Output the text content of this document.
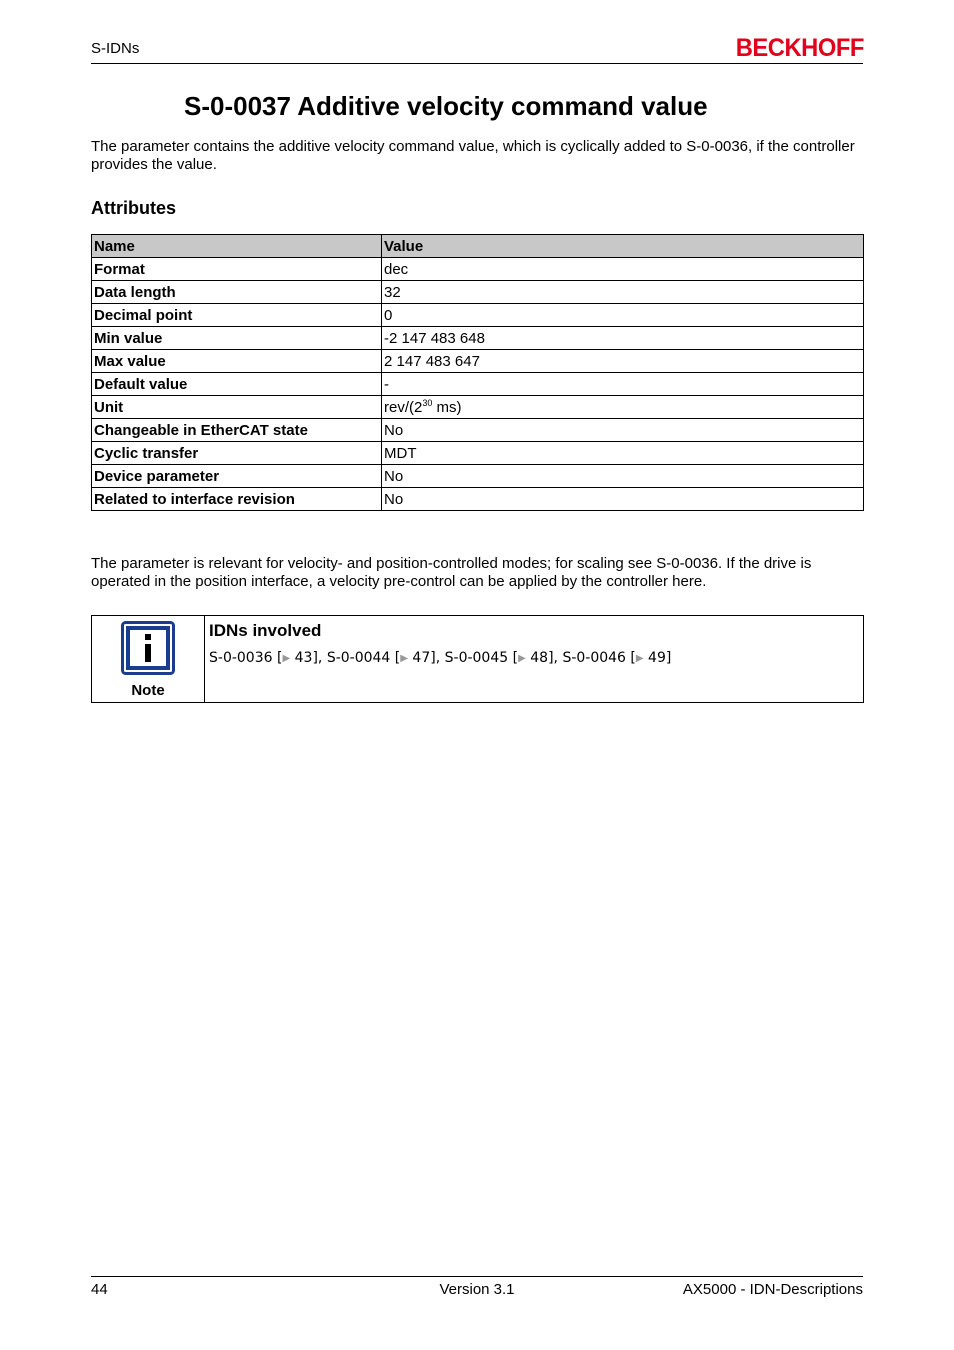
S-IDNs	BECKHOFF
S-0-0037 Additive velocity command value

The parameter contains the additive velocity command value, which is cyclically added to S-0-0036, if the controller provides the value.

Attributes
Name	Value
Format	dec
Data length	32
Decimal point	0
Min value	-2 147 483 648
Max value	2 147 483 647
Default value	-
Unit	rev/($2^{30}$ ms)
Changeable in EtherCAT state	No
Cyclic transfer	MDT
Device parameter	No
Related to interface revision	No

The parameter is relevant for velocity- and position-controlled modes; for scaling see S-0-0036. If the drive is operated in the position interface, a velocity pre-control can be applied by the controller here.

Note
IDNs involved
S-0-0036 [▶ 43], S-0-0044 [▶ 47], S-0-0045 [▶ 48], S-0-0046 [▶ 49]
44	Version 3.1	AX5000 - IDN-Descriptions
